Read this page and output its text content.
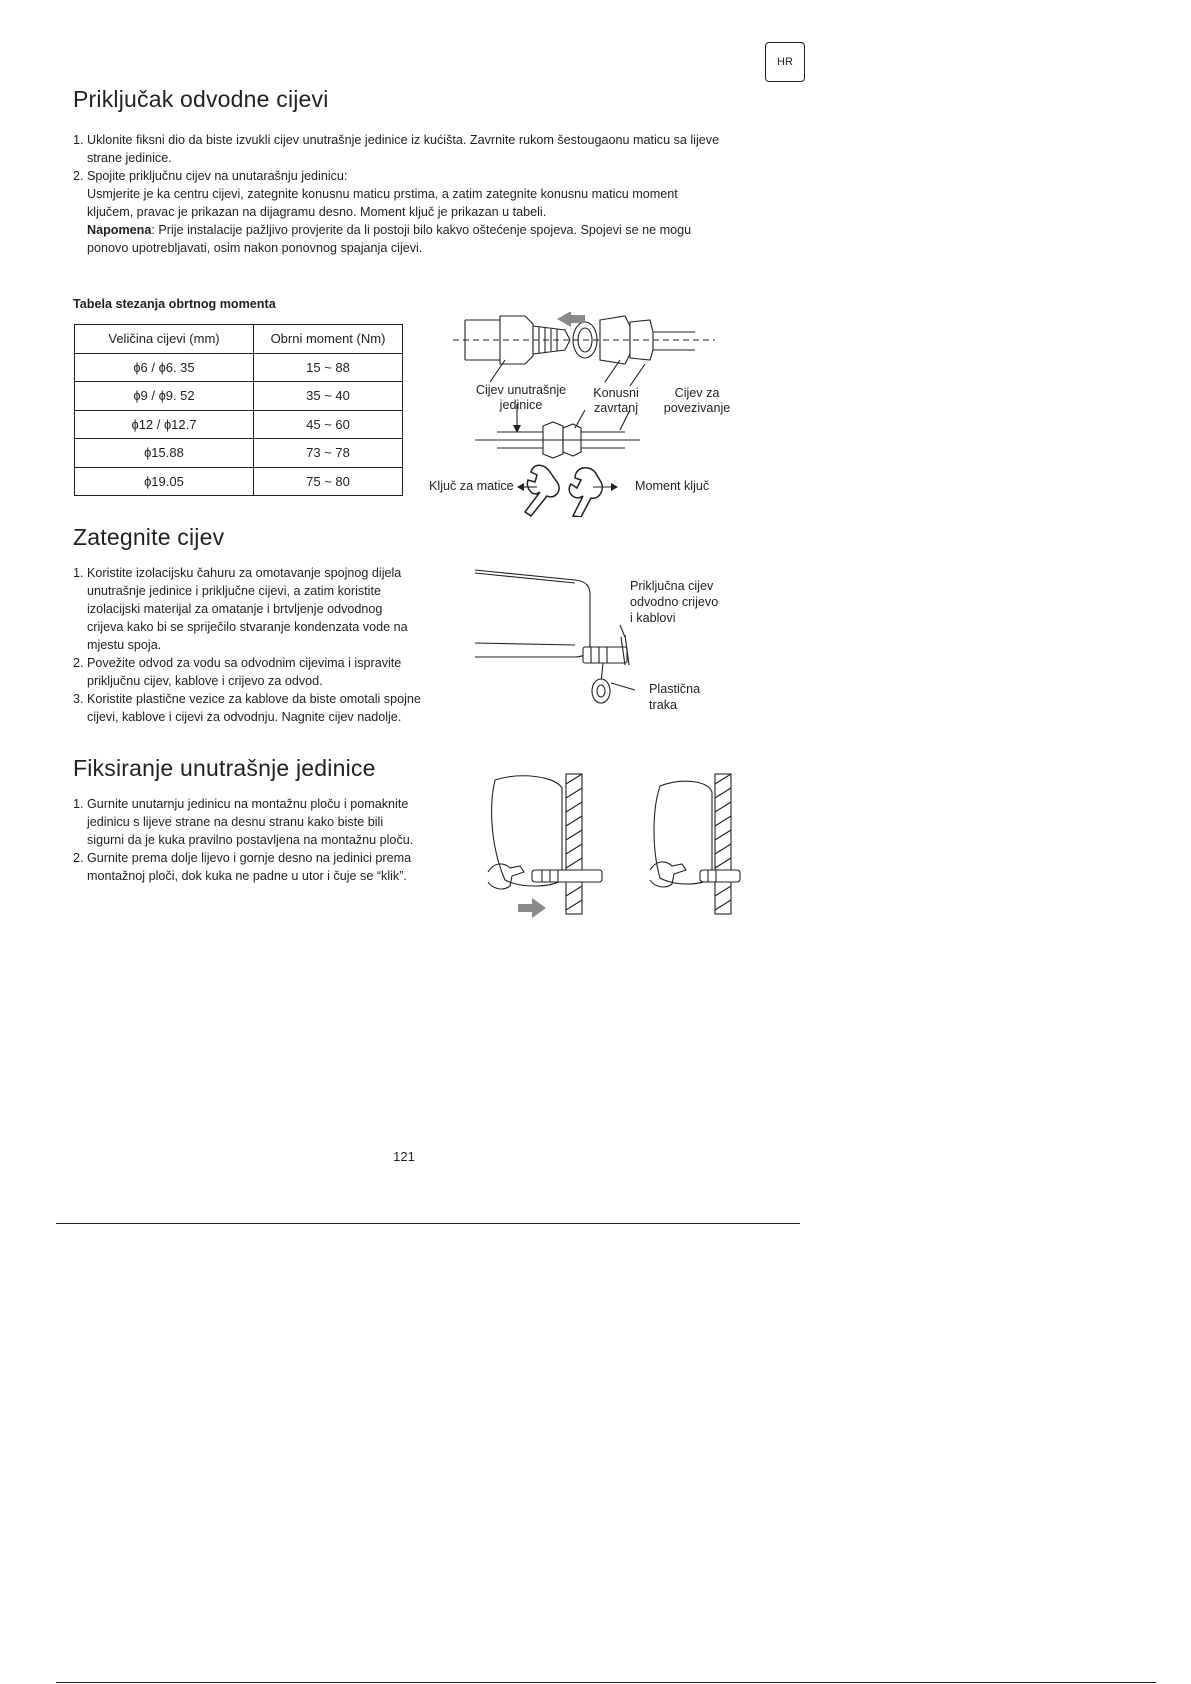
HR
Priključak odvodne cijevi
1. Uklonite fiksni dio da biste izvukli cijev unutrašnje jedinice iz kućišta. Zavrnite rukom šestougaonu maticu sa lijeve
strane jedinice.
2. Spojite priključnu cijev na unutarašnju jedinicu:
Usmjerite je ka centru cijevi, zategnite konusnu maticu prstima, a zatim zategnite konusnu maticu moment
ključem, pravac je prikazan na dijagramu desno. Moment ključ je prikazan u tabeli.
Napomena: Prije instalacije pažljivo provjerite da li postoji bilo kakvo oštećenje spojeva. Spojevi se ne mogu
ponovo upotrebljavati, osim nakon ponovnog spajanja cijevi.
Tabela stezanja obrtnog momenta
Veličina cijevi (mm)	Obrni moment (Nm)
ɸ6 / ɸ6. 35	15 ~ 88
ɸ9 / ɸ9. 52	35 ~ 40
ɸ12 / ɸ12.7	45 ~ 60
ɸ15.88	73 ~ 78
ɸ19.05	75 ~ 80
Cijev unutrašnje
jedinice
Konusni
zavrtanj
Cijev za
povezivanje
Ključ za matice	Moment ključ
Zategnite cijev
1. Koristite izolacijsku čahuru za omotavanje spojnog dijela
unutrašnje jedinice i priključne cijevi, a zatim koristite
izolacijski materijal za omatanje i brtvljenje odvodnog
crijeva kako bi se spriječilo stvaranje kondenzata vode na
mjestu spoja.
2. Povežite odvod za vodu sa odvodnim cijevima i ispravite
priključnu cijev, kablove i crijevo za odvod.
3. Koristite plastične vezice za kablove da biste omotali spojne
cijevi, kablove i cijevi za odvodnju. Nagnite cijev nadolje.
Priključna cijev
odvodno crijevo
i kablovi
Plastična
traka
Fiksiranje unutrašnje jedinice
1. Gurnite unutarnju jedinicu na montažnu ploču i pomaknite
jedinicu s lijeve strane na desnu stranu kako biste bili
sigurni da je kuka pravilno postavljena na montažnu ploču.
2. Gurnite prema dolje lijevo i gornje desno na jedinici prema
montažnoj ploči, dok kuka ne padne u utor i čuje se “klik”.
121
